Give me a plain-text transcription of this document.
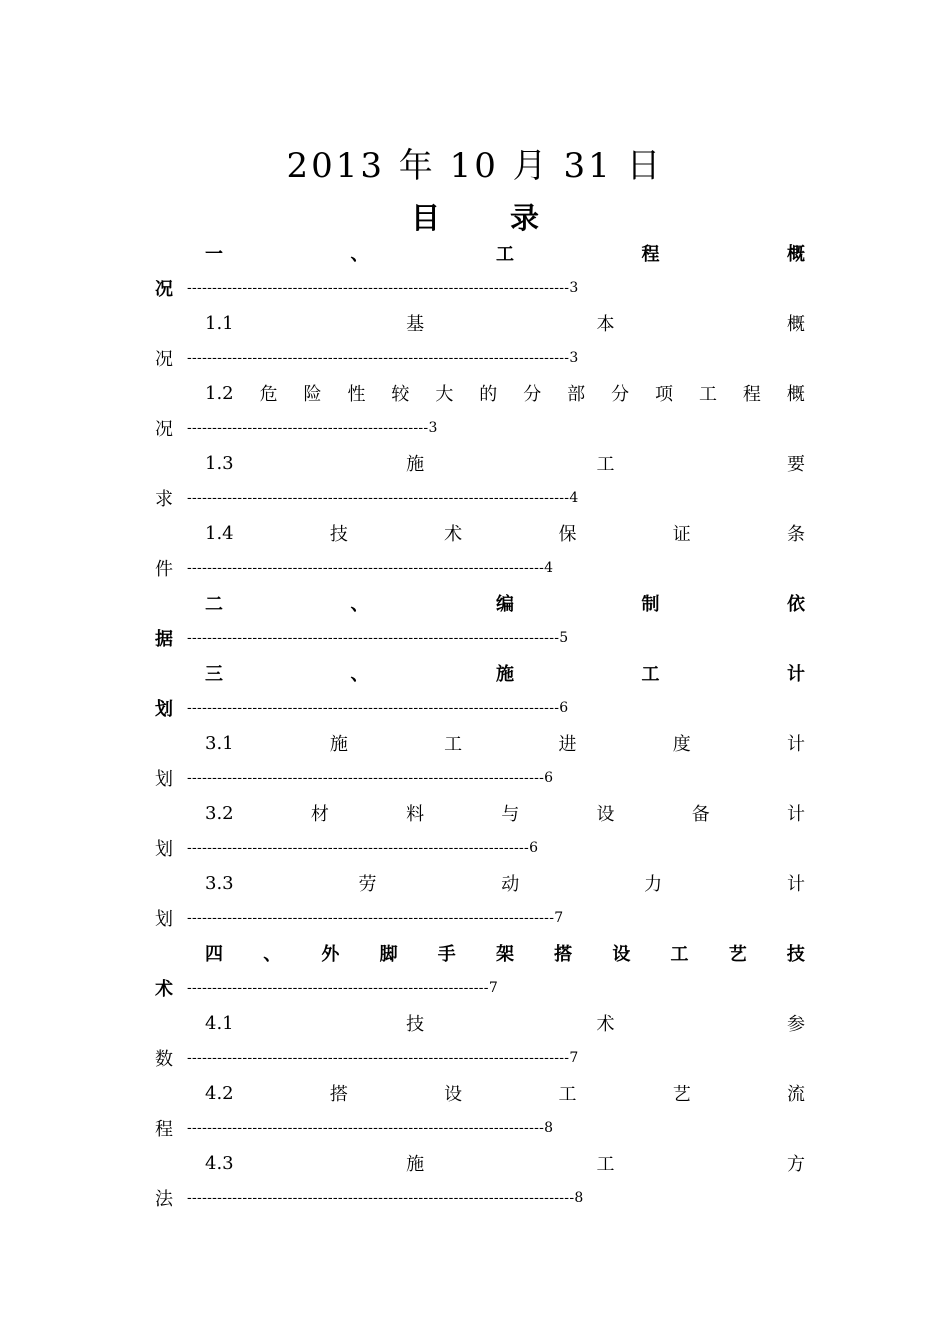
2013 年 10 月 31 日
目 录
一	、	工	程	概
况 ----------------------------------------------------------------------------3
1.1	基	本	概
况 ----------------------------------------------------------------------------3
1.2 危 险 性 较 大 的 分 部 分 项 工 程 概
况 ------------------------------------------------3
1.3	施	工	要
求 ----------------------------------------------------------------------------4
1.4	技	术	保	证	条
件 -----------------------------------------------------------------------4
二	、	编	制	依
据 --------------------------------------------------------------------------5
三	、	施	工	计
划 --------------------------------------------------------------------------6
3.1	施	工	进	度	计
划 -----------------------------------------------------------------------6
3.2	材	料	与	设	备	计
划 --------------------------------------------------------------------6
3.3	劳	动	力	计
划 -------------------------------------------------------------------------7
四 、 外 脚 手 架 搭 设 工 艺 技
术 ------------------------------------------------------------7
4.1	技	术	参
数 ----------------------------------------------------------------------------7
4.2	搭	设	工	艺	流
程 -----------------------------------------------------------------------8
4.3	施	工	方
法 -----------------------------------------------------------------------------8
